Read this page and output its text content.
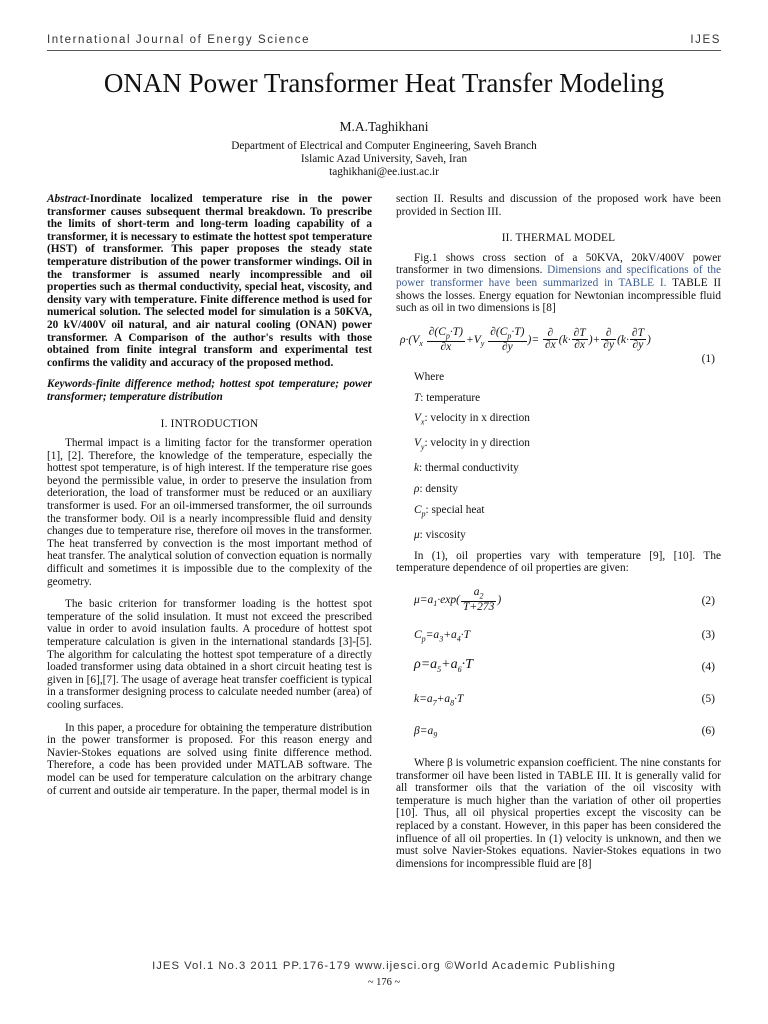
International Journal of Energy Science	IJES
ONAN Power Transformer Heat Transfer Modeling
M.A.Taghikhani
Department of Electrical and Computer Engineering, Saveh Branch
Islamic Azad University, Saveh, Iran
taghikhani@ee.iust.ac.ir
Abstract-Inordinate localized temperature rise in the power transformer causes subsequent thermal breakdown. To prescribe the limits of short-term and long-term loading capability of a transformer, it is necessary to estimate the hottest spot temperature (HST) of transformer. This paper proposes the steady state temperature distribution of the power transformer windings. Oil in the transformer is assumed nearly incompressible and oil properties such as thermal conductivity, special heat, viscosity, and density vary with temperature. Finite difference method is used for numerical solution. The selected model for simulation is a 50KVA, 20 kV/400V oil natural, and air natural cooling (ONAN) power transformer. A Comparison of the author's results with those obtained from finite integral transform and experimental test confirms the validity and accuracy of the proposed method.
Keywords-finite difference method; hottest spot temperature; power transformer; temperature distribution
I. INTRODUCTION

Thermal impact is a limiting factor for the transformer operation [1], [2]. Therefore, the knowledge of the temperature, especially the hottest spot temperature, is of high interest. If the temperature rise goes beyond the permissible value, in order to preserve the insulation from deterioration, the load of transformer must be reduced or an auxiliary transformer is used. For an oil-immersed transformer, the oil surrounds the transformer body. Oil is a nearly incompressible fluid and density changes due to temperature rise, therefore oil moves in the transformer. The heat transferred by convection is the most important method of heat transfer. The analytical solution of convection equation is normally difficult and sometimes it is impossible due to the complexity of the geometry.

The basic criterion for transformer loading is the hottest spot temperature of the solid insulation. It must not exceed the prescribed value in order to avoid insulation faults. A procedure of hottest spot temperature calculation is given in the international standards [3]-[5]. The algorithm for calculating the hottest spot temperature of a directly loaded transformer using data obtained in a short circuit heating test is given in [6],[7]. The usage of average heat transfer coefficient is typical in a transformer designing process to calculate needed number (area) of cooling surfaces.

In this paper, a procedure for obtaining the temperature distribution in the power transformer is proposed. For this reason energy and Navier-Stokes equations are solved using finite difference method. Therefore, a code has been provided under MATLAB software. The model can be used for temperature calculation on the arbitrary change of current and outside air temperature. In the paper, thermal model is in

section II. Results and discussion of the proposed work have been provided in Section III.

II. THERMAL MODEL

Fig.1 shows cross section of a 50KVA, 20kV/400V power transformer in two dimensions. Dimensions and specifications of the power transformer have been summarized in TABLE I. TABLE II shows the losses. Energy equation for Newtonian incompressible fluid such as oil in two dimensions is [8]

$\rho\cdot(V_x \frac{\partial(C_p\cdot T)}{\partial x} +V_y \frac{\partial(C_p\cdot T)}{\partial y}$ )= $\frac{\partial}{\partial x} (k\cdot \frac{\partial T}{\partial x}$ )+ $\frac{\partial}{\partial y} (k\cdot \frac{\partial T}{\partial y}$ )
(1)
Where
T: temperature
$V_x$: velocity in x direction
$V_y$: velocity in y direction
k: thermal conductivity
ρ: density
$C_p$: special heat
μ: viscosity

In (1), oil properties vary with temperature [9], [10]. The temperature dependence of oil properties are given:

$\mu=a_1\cdot\exp( \frac{a_2}{T+273}$ )	(2)
$C_p=a_3+a_4\cdot T$	(3)
$\rho=a_5+a_6\cdot T$	(4)
$k=a_7+a_8\cdot T$	(5)
$\beta=a_9$	(6)

Where β is volumetric expansion coefficient. The nine constants for transformer oil have been listed in TABLE III. It is generally valid for all transformer oils that the variation of the oil viscosity with temperature is much higher than the variation of other oil properties [10]. Thus, all oil physical properties except the viscosity can be replaced by a constant. However, in this paper has been considered the influence of all oil properties. In (1) velocity is unknown, and then we must solve Navier-Stokes equations. Navier-Stokes equations in two dimensions for incompressible fluid are [8]

IJES Vol.1 No.3 2011 PP.176-179 www.ijesci.org ©World Academic Publishing
~ 176 ~
